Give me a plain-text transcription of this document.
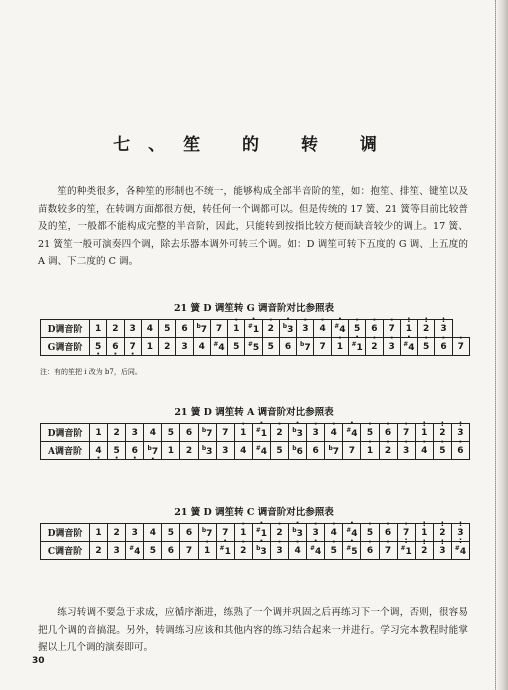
七、笙 的 转 调

笙的种类很多，各种笙的形制也不统一，能够构成全部半音阶的笙，如：抱笙、排笙、键笙以及苗数较多的笙，在转调方面都很方便，转任何一个调都可以。但是传统的 17 簧、21 簧等目前比较普及的笙，一般都不能构成完整的半音阶，因此，只能转到按指比较方便而缺音较少的调上。17 簧、21 簧笙一般可演奏四个调，除去乐器本调外可转三个调。如：D 调笙可转下五度的 G 调、上五度的 A 调、下二度的 C 调。

21 簧 D 调笙转 G 调音阶对比参照表
D调音阶	1	2	3	4	5	6	$^b$7	7	· 1	· #1	· 2	· $^b$3	· 3	· 4	· #4	· 5	· 6	· 7	: 1	: 2	: 3
G调音阶	5 ·	6 ·	7 ·	1	2	3	4	#4	5	#5	5	6	$^b$7	7	· 1	· #1	· 2	· 3	· #4	· 5	· 6	· 7
注：有的笙把 i 改为 b7，后同。
21 簧 D 调笙转 A 调音阶对比参照表
D调音阶	1	2	3	4	5	6	$^b$7	7	· 1	· #1	· 2	· $^b$3	· 3	· 4	· #4	· 5	· 6	· 7	: 1	: 2	: 3
A调音阶	4 ·	5 ·	6 ·	$^b$7 ·	1	2	$^b$3	3	4	#4	5	$^b$6	6	$^b$7	7	· 1	· 2	· 3	· 4	· 5	· 6
21 簧 D 调笙转 C 调音阶对比参照表
D调音阶	1	2	3	4	5	6	$^b$7	7	· 1	· #1	· 2	· $^b$3	· 3	· 4	· #4	· 5	· 6	· 7	: 1	: 2	: 3
C调音阶	2	3	#4	5	6	7	· 1	· #1	· 2	· $^b$3	· 3	· 4	· #4	· 5	· #5	· 6	· 7	: #1	: 2	: 3	: #4

练习转调不要急于求成，应循序渐进，练熟了一个调并巩固之后再练习下一个调，否则，很容易把几个调的音搞混。另外，转调练习应该和其他内容的练习结合起来一并进行。学习完本教程时能掌握以上几个调的演奏即可。

30
